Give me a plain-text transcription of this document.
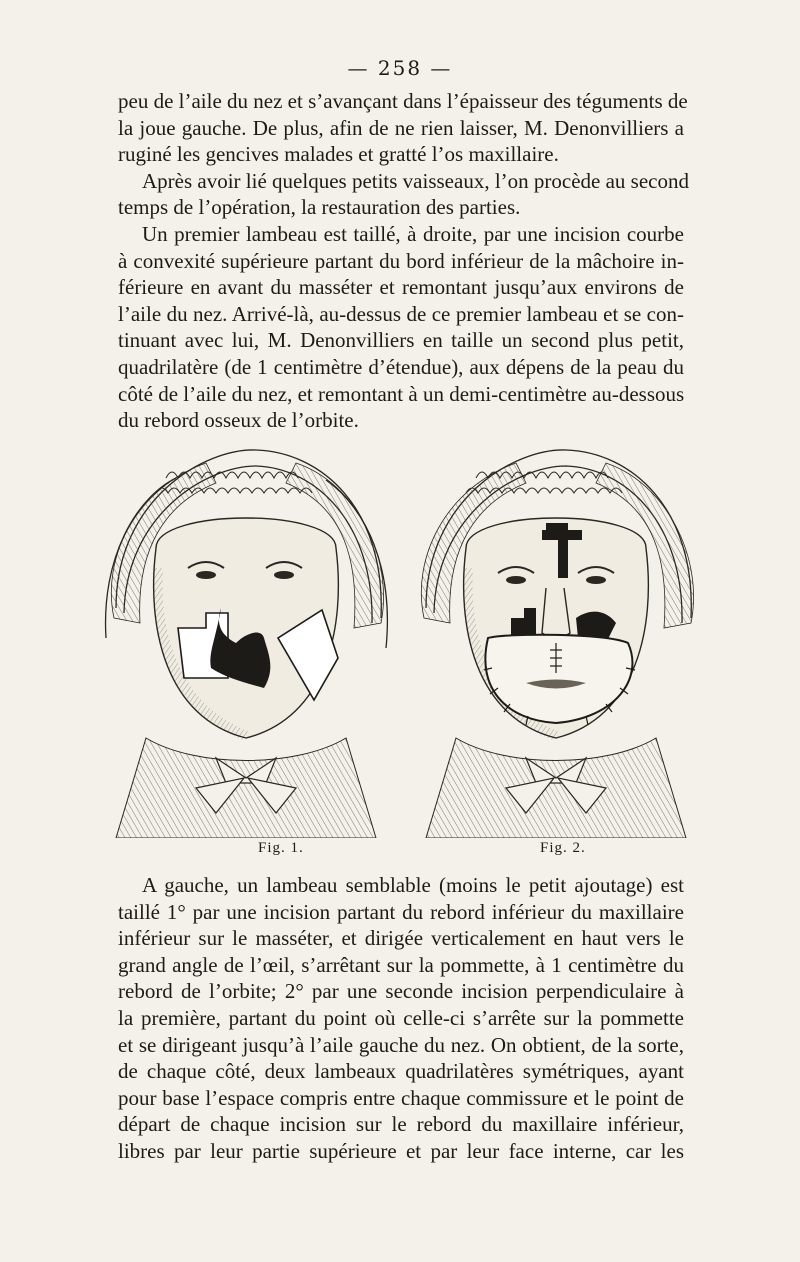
— 258 —

peu de l’aile du nez et s’avançant dans l’épaisseur des téguments de
la joue gauche. De plus, afin de ne rien laisser, M. Denonvilliers a
ruginé les gencives malades et gratté l’os maxillaire.

Après avoir lié quelques petits vaisseaux, l’on procède au second
temps de l’opération, la restauration des parties.

Un premier lambeau est taillé, à droite, par une incision courbe
à convexité supérieure partant du bord inférieur de la mâchoire in-
férieure en avant du masséter et remontant jusqu’aux environs de
l’aile du nez. Arrivé-là, au-dessus de ce premier lambeau et se con-
tinuant avec lui, M. Denonvilliers en taille un second plus petit,
quadrilatère (de 1 centimètre d’étendue), aux dépens de la peau du
côté de l’aile du nez, et remontant à un demi-centimètre au-dessous
du rebord osseux de l’orbite.

Fig. 1.	Fig. 2.

A gauche, un lambeau semblable (moins le petit ajoutage) est
taillé 1° par une incision partant du rebord inférieur du maxillaire
inférieur sur le masséter, et dirigée verticalement en haut vers le
grand angle de l’œil, s’arrêtant sur la pommette, à 1 centimètre du
rebord de l’orbite; 2° par une seconde incision perpendiculaire à
la première, partant du point où celle-ci s’arrête sur la pommette
et se dirigeant jusqu’à l’aile gauche du nez. On obtient, de la sorte,
de chaque côté, deux lambeaux quadrilatères symétriques, ayant
pour base l’espace compris entre chaque commissure et le point de
départ de chaque incision sur le rebord du maxillaire inférieur,
libres par leur partie supérieure et par leur face interne, car les
